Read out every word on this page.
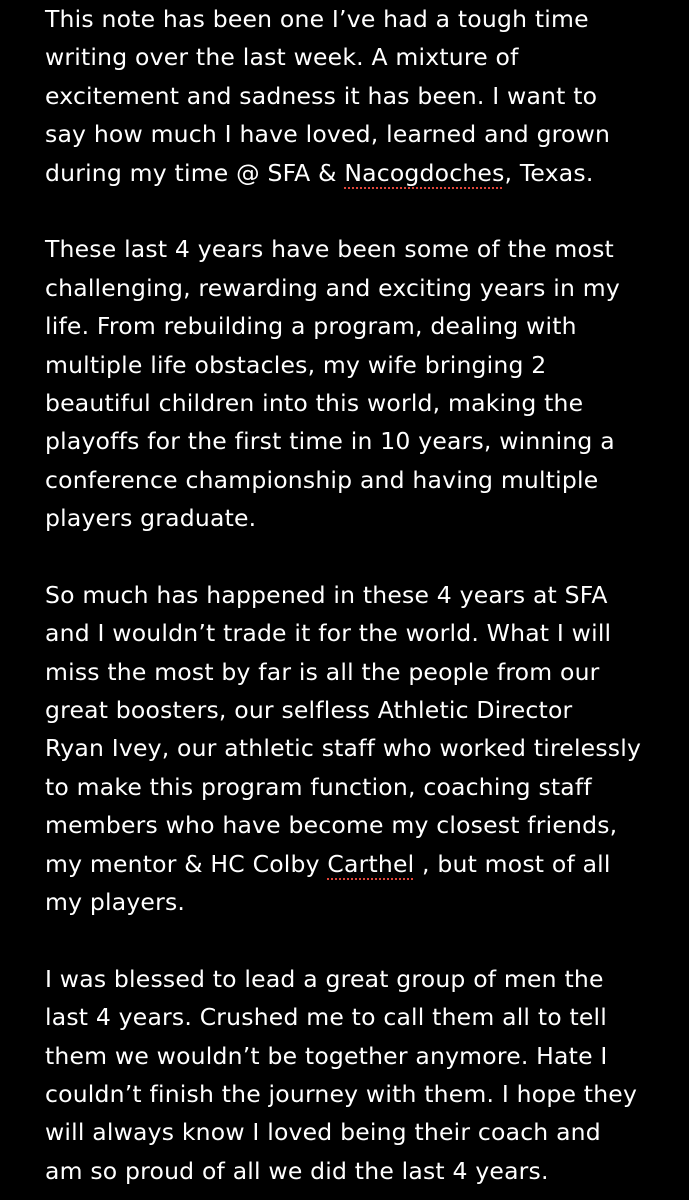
This note has been one I’ve had a tough time
writing over the last week. A mixture of
excitement and sadness it has been. I want to
say how much I have loved, learned and grown
during my time @ SFA & Nacogdoches, Texas.
These last 4 years have been some of the most
challenging, rewarding and exciting years in my
life. From rebuilding a program, dealing with
multiple life obstacles, my wife bringing 2
beautiful children into this world, making the
playoffs for the first time in 10 years, winning a
conference championship and having multiple
players graduate.
So much has happened in these 4 years at SFA
and I wouldn’t trade it for the world. What I will
miss the most by far is all the people from our
great boosters, our selfless Athletic Director
Ryan Ivey, our athletic staff who worked tirelessly
to make this program function, coaching staff
members who have become my closest friends,
my mentor & HC Colby Carthel , but most of all
my players.
I was blessed to lead a great group of men the
last 4 years. Crushed me to call them all to tell
them we wouldn’t be together anymore. Hate I
couldn’t finish the journey with them. I hope they
will always know I loved being their coach and
am so proud of all we did the last 4 years.
